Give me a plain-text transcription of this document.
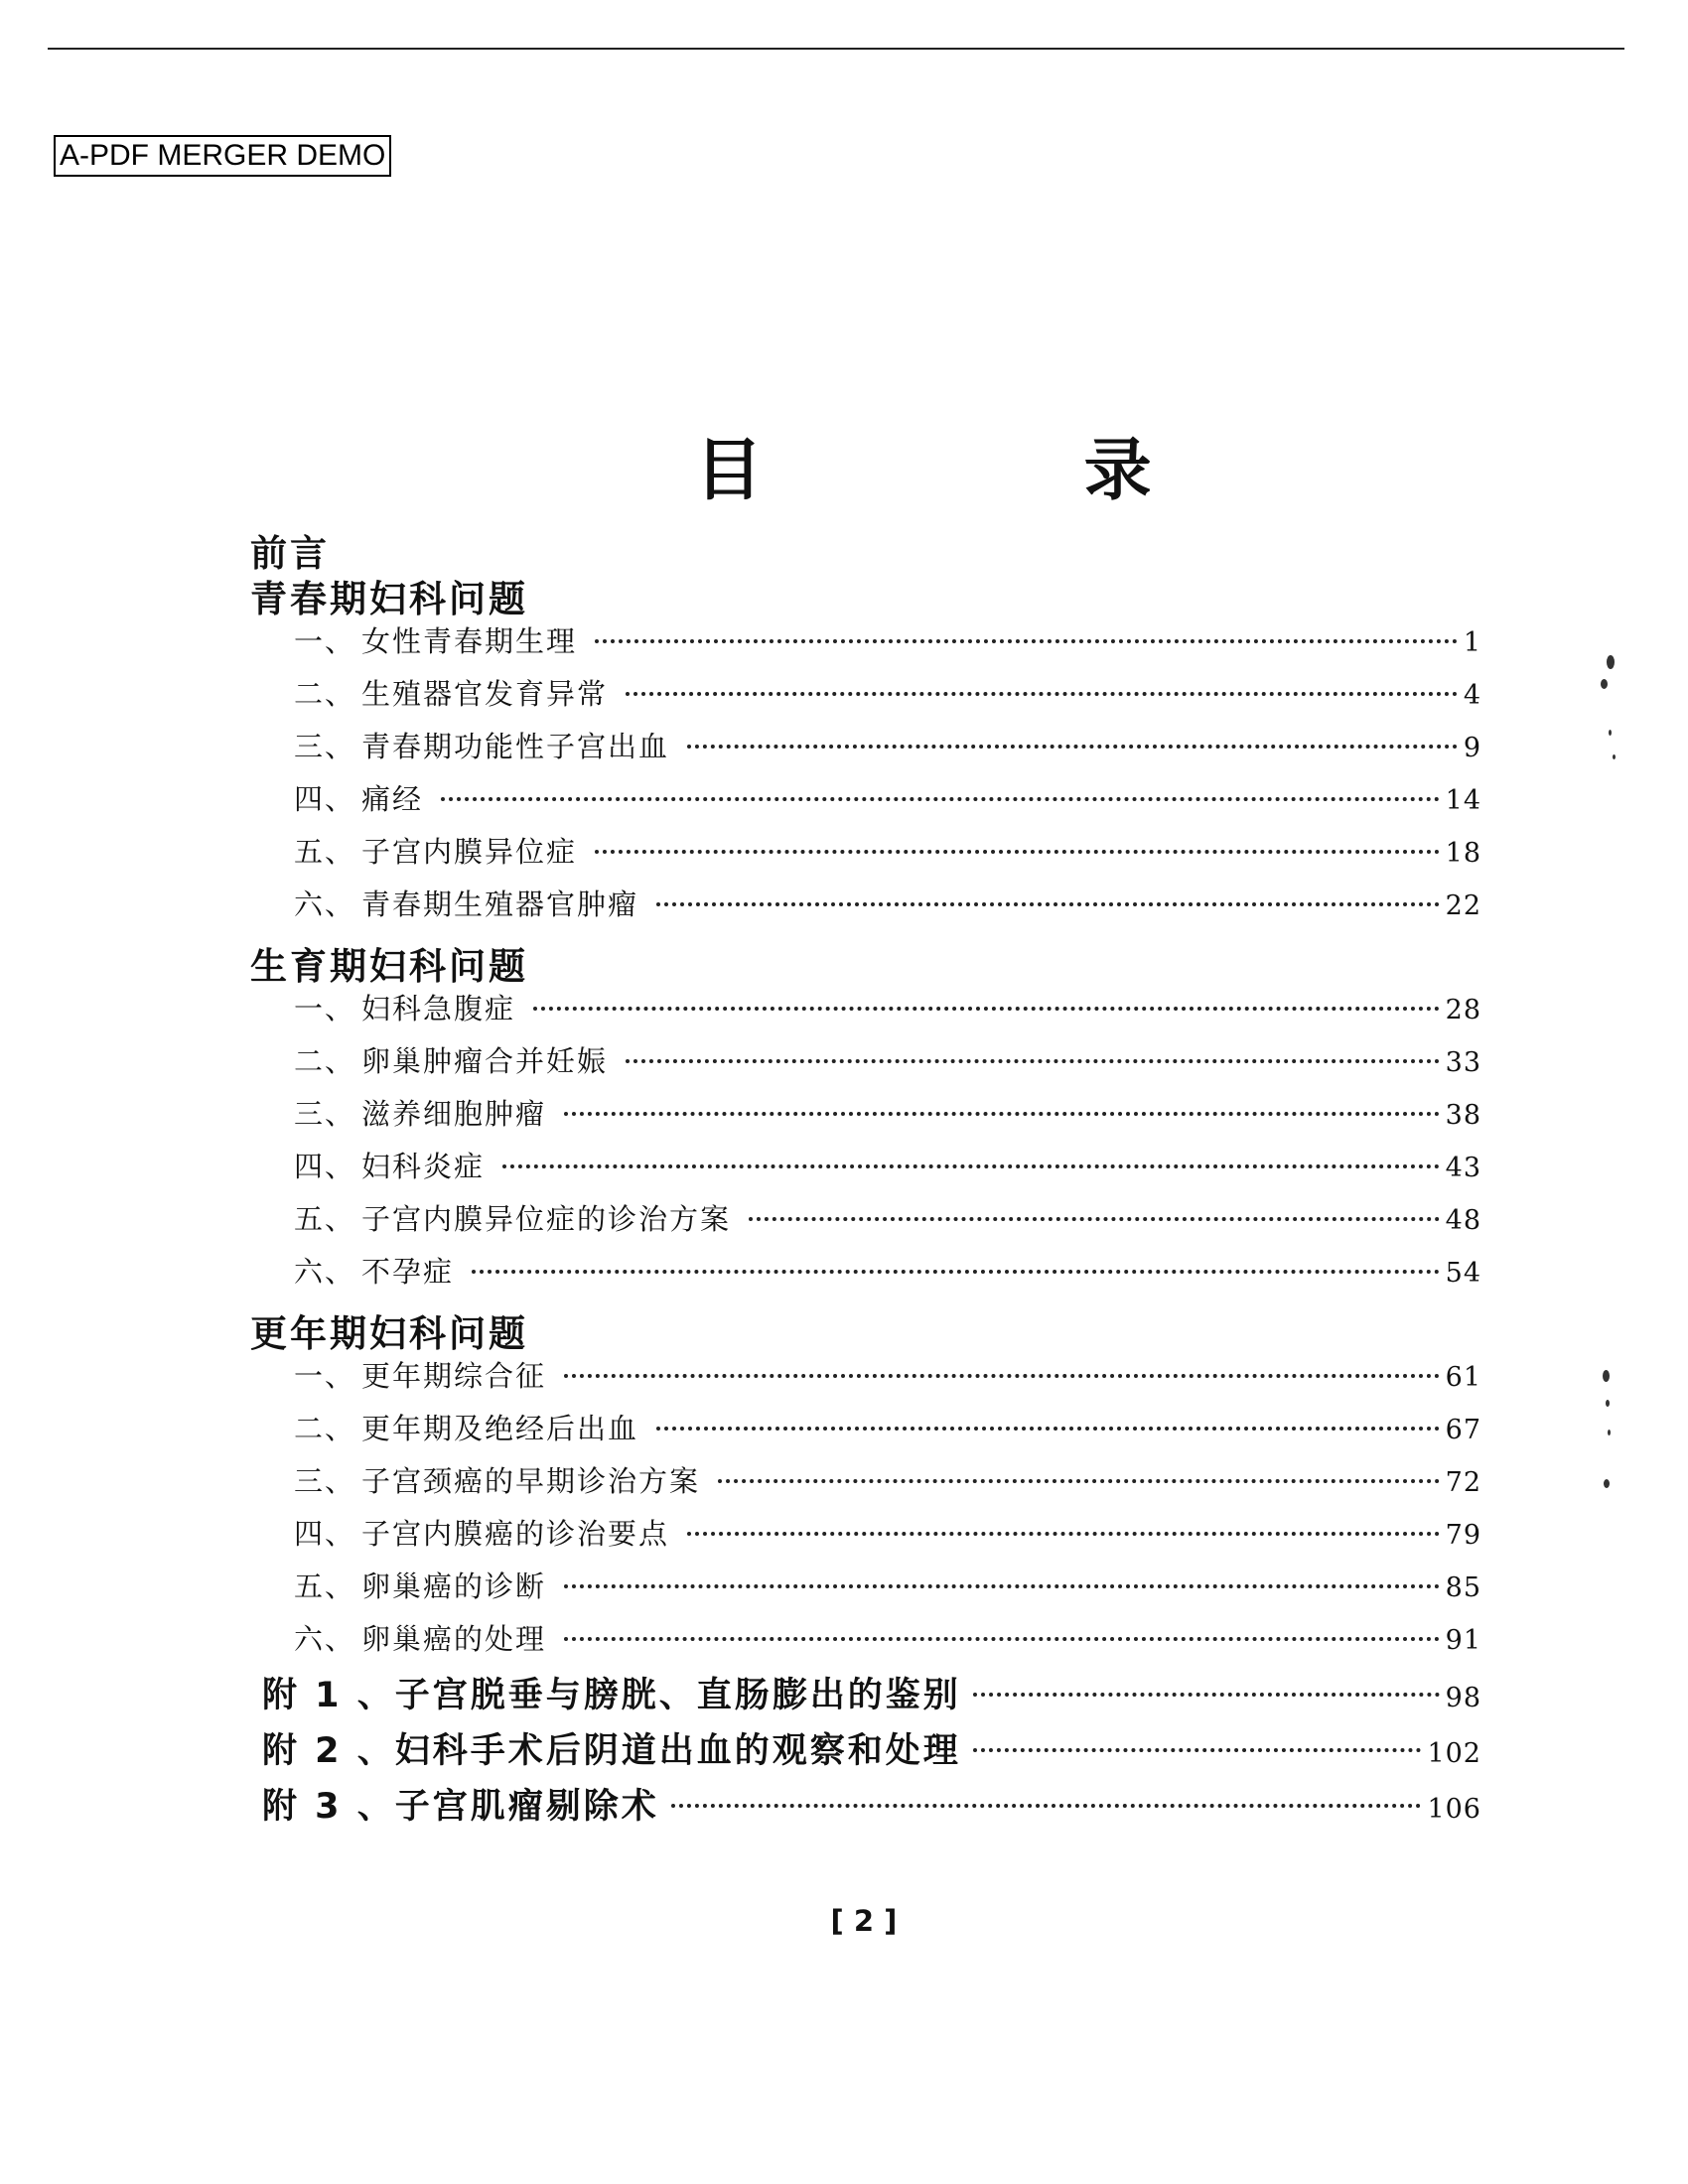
A-PDF MERGER DEMO
目 录
前言
青春期妇科问题
一、 女性青春期生理	1
二、 生殖器官发育异常	4
三、 青春期功能性子宫出血	9
四、 痛经	14
五、 子宫内膜异位症	18
六、 青春期生殖器官肿瘤	22
生育期妇科问题
一、 妇科急腹症	28
二、 卵巢肿瘤合并妊娠	33
三、 滋养细胞肿瘤	38
四、 妇科炎症	43
五、 子宫内膜异位症的诊治方案	48
六、 不孕症	54
更年期妇科问题
一、 更年期综合征	61
二、 更年期及绝经后出血	67
三、 子宫颈癌的早期诊治方案	72
四、 子宫内膜癌的诊治要点	79
五、 卵巢癌的诊断	85
六、 卵巢癌的处理	91
附 1 、 子宫脱垂与膀胱、直肠膨出的鉴别	98
附 2 、 妇科手术后阴道出血的观察和处理	102
附 3 、 子宫肌瘤剔除术	106
[ 2 ]
